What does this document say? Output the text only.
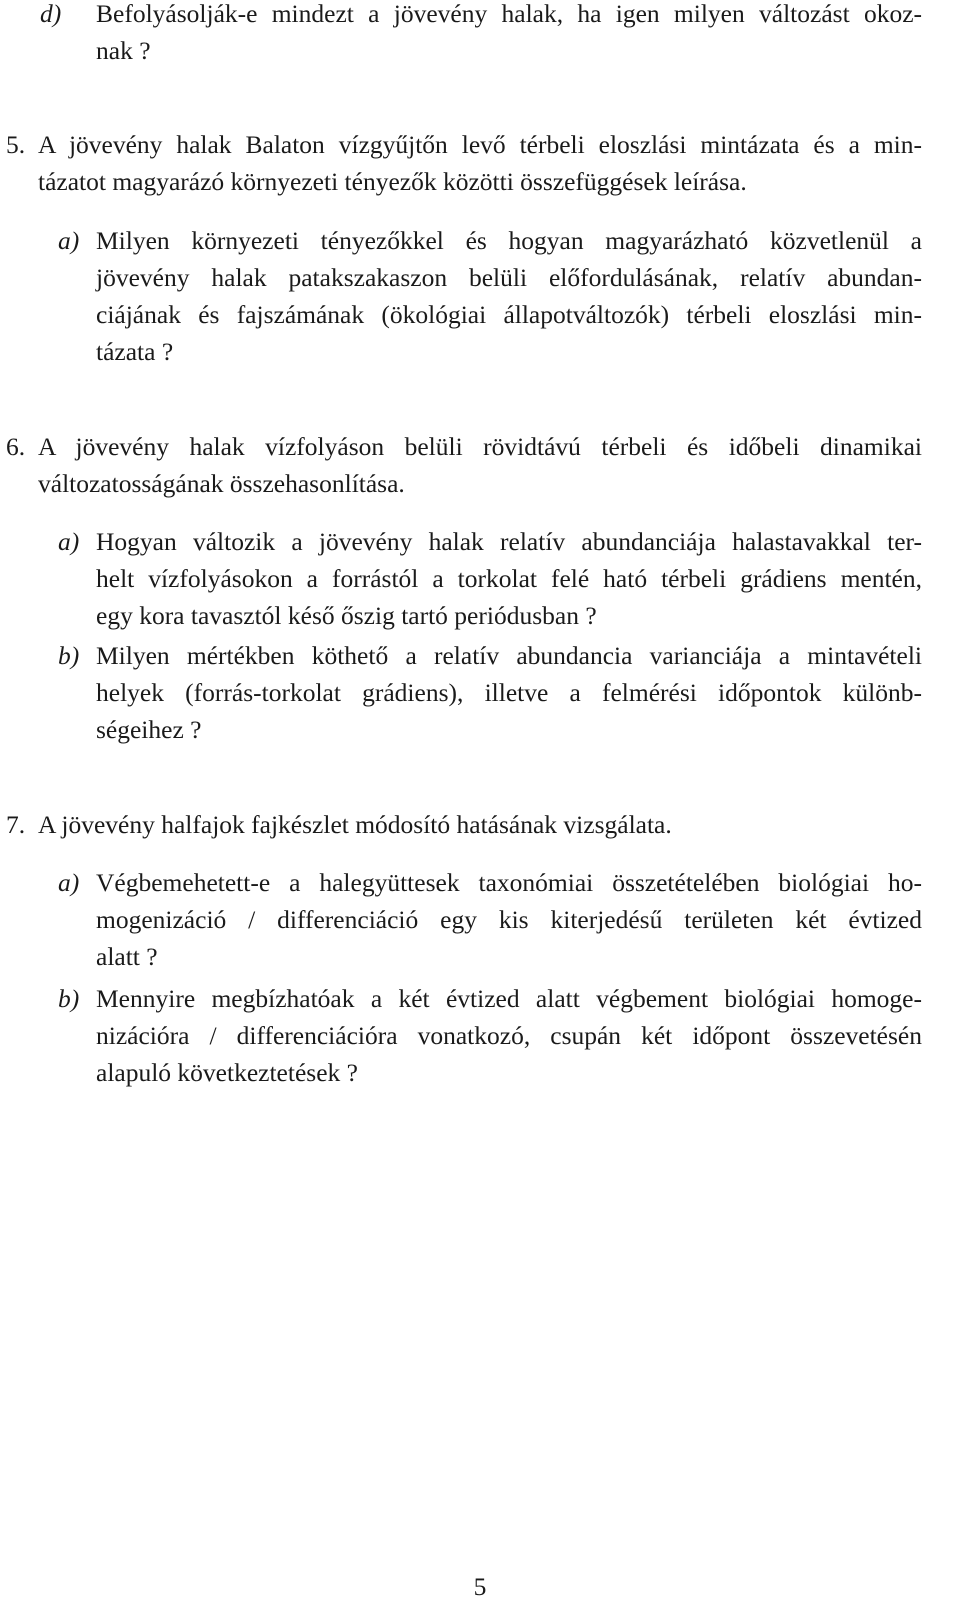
d) Befolyásolják-e mindezt a jövevény halak, ha igen milyen változást okoz-
nak ?
5. A jövevény halak Balaton vízgyűjtőn levő térbeli eloszlási mintázata és a min-
tázatot magyarázó környezeti tényezők közötti összefüggések leírása.
a) Milyen környezeti tényezőkkel és hogyan magyarázható közvetlenül a
jövevény halak patakszakaszon belüli előfordulásának, relatív abundan-
ciájának és fajszámának (ökológiai állapotváltozók) térbeli eloszlási min-
tázata ?
6. A jövevény halak vízfolyáson belüli rövidtávú térbeli és időbeli dinamikai
változatosságának összehasonlítása.
a) Hogyan változik a jövevény halak relatív abundanciája halastavakkal ter-
helt vízfolyásokon a forrástól a torkolat felé ható térbeli grádiens mentén,
egy kora tavasztól késő őszig tartó periódusban ?
b) Milyen mértékben köthető a relatív abundancia varianciája a mintavételi
helyek (forrás-torkolat grádiens), illetve a felmérési időpontok különb-
ségeihez ?
7. A jövevény halfajok fajkészlet módosító hatásának vizsgálata.
a) Végbemehetett-e a halegyüttesek taxonómiai összetételében biológiai ho-
mogenizáció / differenciáció egy kis kiterjedésű területen két évtized
alatt ?
b) Mennyire megbízhatóak a két évtized alatt végbement biológiai homoge-
nizációra / differenciációra vonatkozó, csupán két időpont összevetésén
alapuló következtetések ?
5
